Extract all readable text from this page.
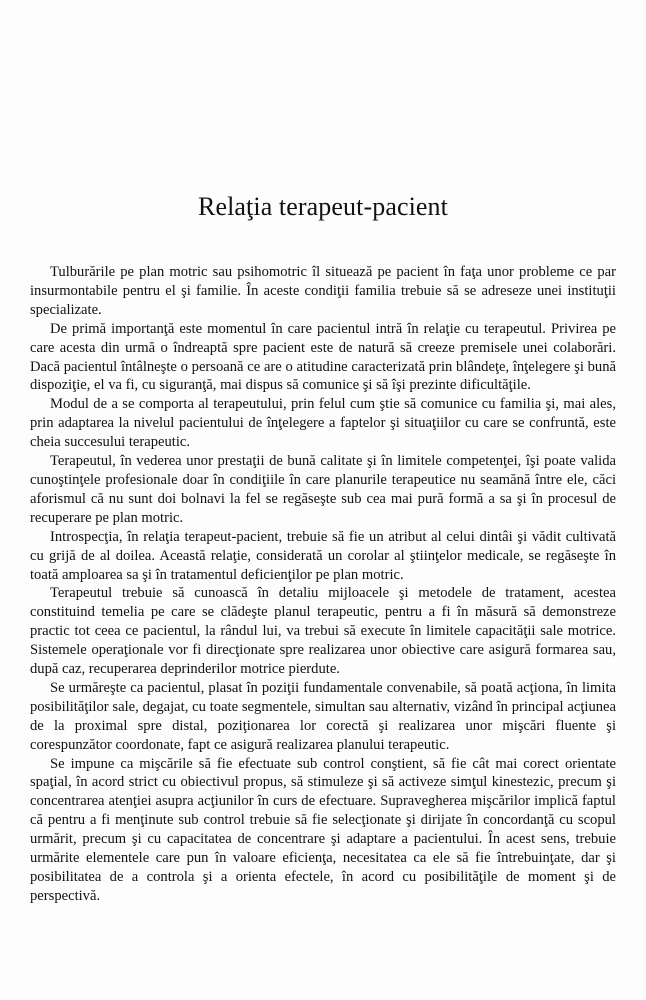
Relaţia terapeut-pacient

Tulburările pe plan motric sau psihomotric îl situează pe pacient în faţa unor probleme ce par insurmontabile pentru el şi familie. În aceste condiţii familia trebuie să se adreseze unei instituţii specializate.

De primă importanţă este momentul în care pacientul intră în relaţie cu terapeutul. Privirea pe care acesta din urmă o îndreaptă spre pacient este de natură să creeze premisele unei colaborări. Dacă pacientul întâlneşte o persoană ce are o atitudine caracterizată prin blândeţe, înţelegere şi bună dispoziţie, el va fi, cu siguranţă, mai dispus să comunice şi să îşi prezinte dificultăţile.

Modul de a se comporta al terapeutului, prin felul cum ştie să comunice cu familia şi, mai ales, prin adaptarea la nivelul pacientului de înţelegere a faptelor şi situaţiilor cu care se confruntă, este cheia succesului terapeutic.

Terapeutul, în vederea unor prestaţii de bună calitate şi în limitele competenţei, îşi poate valida cunoştinţele profesionale doar în condiţiile în care planurile terapeutice nu seamănă între ele, căci aforismul că nu sunt doi bolnavi la fel se regăseşte sub cea mai pură formă a sa şi în procesul de recuperare pe plan motric.

Introspecţia, în relaţia terapeut-pacient, trebuie să fie un atribut al celui dintâi şi vădit cultivată cu grijă de al doilea. Această relaţie, considerată un corolar al ştiinţelor medicale, se regăseşte în toată amploarea sa şi în tratamentul deficienţilor pe plan motric.

Terapeutul trebuie să cunoască în detaliu mijloacele şi metodele de tratament, acestea constituind temelia pe care se clădeşte planul terapeutic, pentru a fi în măsură să demonstreze practic tot ceea ce pacientul, la rândul lui, va trebui să execute în limitele capacităţii sale motrice. Sistemele operaţionale vor fi direcţionate spre realizarea unor obiective care asigură formarea sau, după caz, recuperarea deprinderilor motrice pierdute.

Se urmăreşte ca pacientul, plasat în poziţii fundamentale convenabile, să poată acţiona, în limita posibilităţilor sale, degajat, cu toate segmentele, simultan sau alternativ, vizând în principal acţiunea de la proximal spre distal, poziţionarea lor corectă şi realizarea unor mişcări fluente şi corespunzător coordonate, fapt ce asigură realizarea planului terapeutic.

Se impune ca mişcările să fie efectuate sub control conştient, să fie cât mai corect orientate spaţial, în acord strict cu obiectivul propus, să stimuleze şi să activeze simţul kinestezic, precum şi concentrarea atenţiei asupra acţiunilor în curs de efectuare. Supravegherea mişcărilor implică faptul că pentru a fi menţinute sub control trebuie să fie selecţionate şi dirijate în concordanţă cu scopul urmărit, precum şi cu capacitatea de concentrare şi adaptare a pacientului. În acest sens, trebuie urmărite elementele care pun în valoare eficienţa, necesitatea ca ele să fie întrebuinţate, dar şi posibilitatea de a controla şi a orienta efectele, în acord cu posibilităţile de moment şi de perspectivă.
